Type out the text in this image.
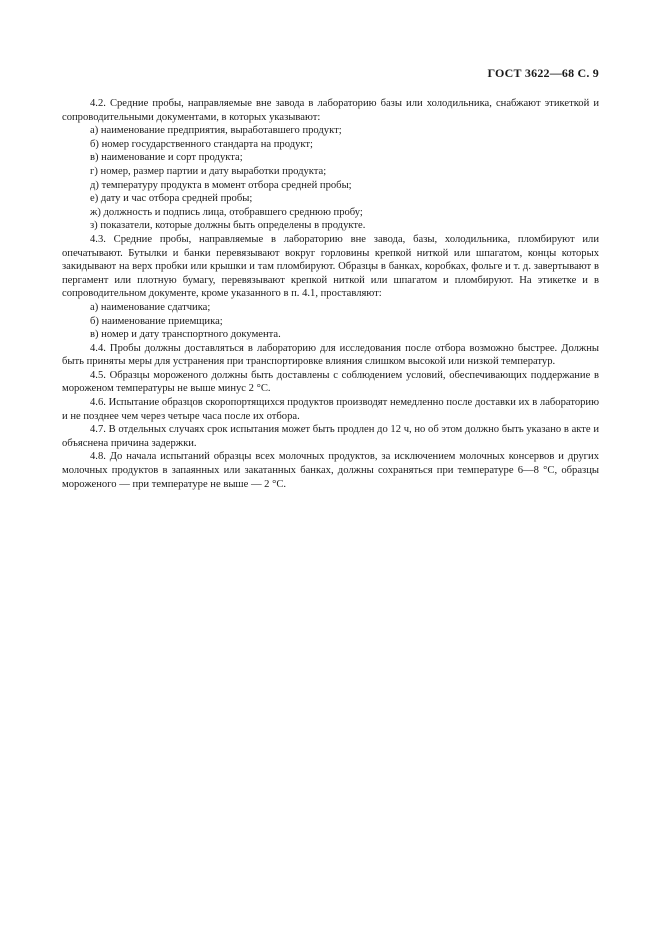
ГОСТ 3622—68 С. 9

4.2. Средние пробы, направляемые вне завода в лабораторию базы или холодильника, снабжают этикеткой и сопроводительными документами, в которых указывают:

а) наименование предприятия, выработавшего продукт;

б) номер государственного стандарта на продукт;

в) наименование и сорт продукта;

г) номер, размер партии и дату выработки продукта;

д) температуру продукта в момент отбора средней пробы;

е) дату и час отбора средней пробы;

ж) должность и подпись лица, отобравшего среднюю пробу;

з) показатели, которые должны быть определены в продукте.

4.3. Средние пробы, направляемые в лабораторию вне завода, базы, холодильника, пломбируют или опечатывают. Бутылки и банки перевязывают вокруг горловины крепкой ниткой или шпагатом, концы которых закидывают на верх пробки или крышки и там пломбируют. Образцы в банках, коробках, фольге и т. д. завертывают в пергамент или плотную бумагу, перевязывают крепкой ниткой или шпагатом и пломбируют. На этикетке и в сопроводительном документе, кроме указанного в п. 4.1, проставляют:

а) наименование сдатчика;

б) наименование приемщика;

в) номер и дату транспортного документа.

4.4. Пробы должны доставляться в лабораторию для исследования после отбора возможно быстрее. Должны быть приняты меры для устранения при транспортировке влияния слишком высокой или низкой температур.

4.5. Образцы мороженого должны быть доставлены с соблюдением условий, обеспечивающих поддержание в мороженом температуры не выше минус 2 °С.

4.6. Испытание образцов скоропортящихся продуктов производят немедленно после доставки их в лабораторию и не позднее чем через четыре часа после их отбора.

4.7. В отдельных случаях срок испытания может быть продлен до 12 ч, но об этом должно быть указано в акте и объяснена причина задержки.

4.8. До начала испытаний образцы всех молочных продуктов, за исключением молочных консервов и других молочных продуктов в запаянных или закатанных банках, должны сохраняться при температуре 6—8 °С, образцы мороженого — при температуре не выше — 2 °С.
